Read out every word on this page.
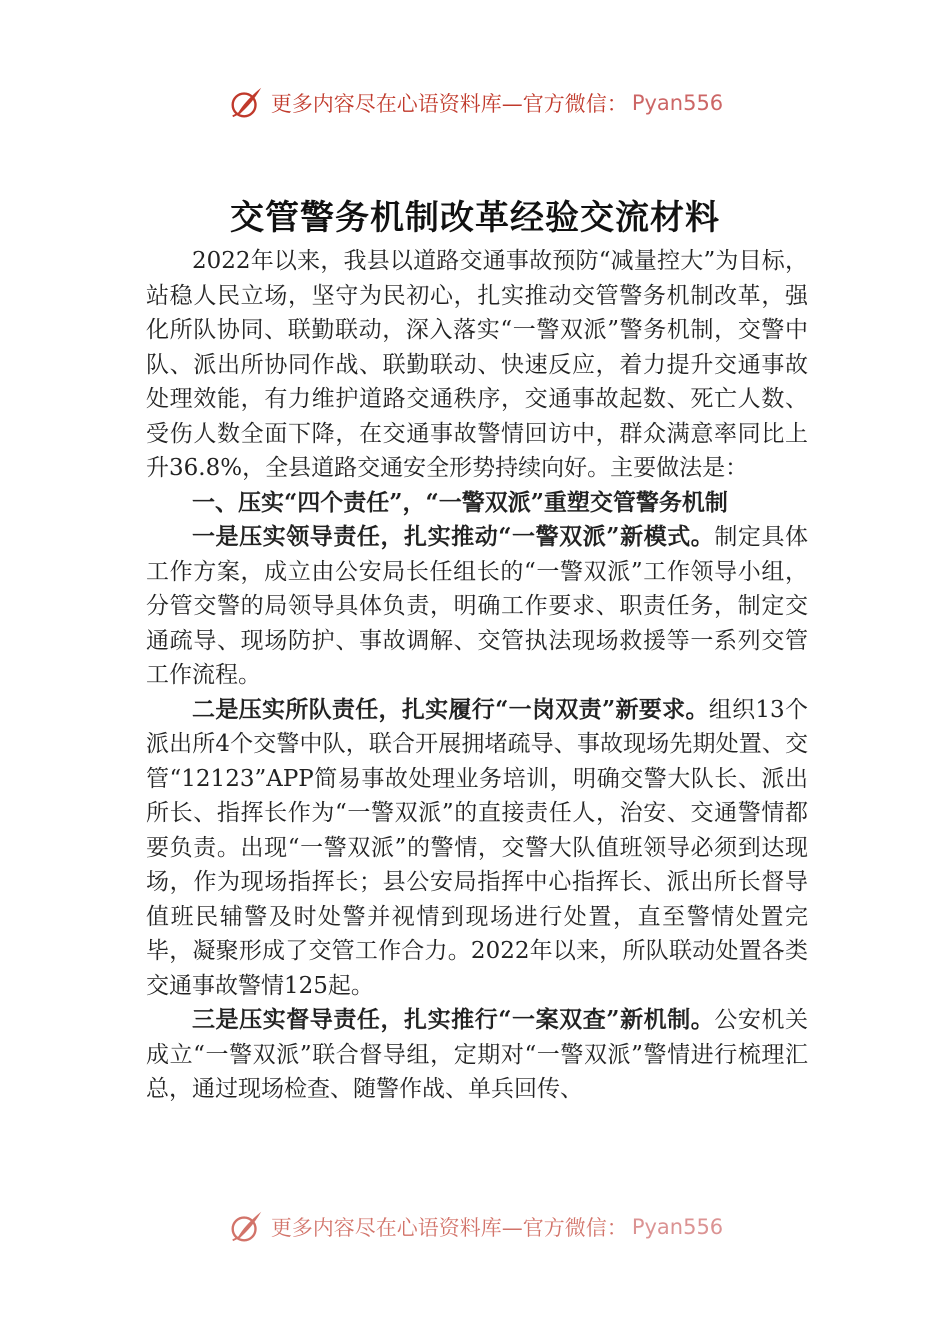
更多内容尽在心语资料库—官方微信： Pyan556
交管警务机制改革经验交流材料

2022年以来，我县以道路交通事故预防“减量控大”为目标，站稳人民立场，坚守为民初心，扎实推动交管警务机制改革，强化所队协同、联勤联动，深入落实“一警双派”警务机制，交警中队、派出所协同作战、联勤联动、快速反应，着力提升交通事故处理效能，有力维护道路交通秩序，交通事故起数、死亡人数、受伤人数全面下降，在交通事故警情回访中，群众满意率同比上升36.8%，全县道路交通安全形势持续向好。主要做法是：

一、压实“四个责任”，“一警双派”重塑交管警务机制

一是压实领导责任，扎实推动“一警双派”新模式。制定具体工作方案，成立由公安局长任组长的“一警双派”工作领导小组，分管交警的局领导具体负责，明确工作要求、职责任务，制定交通疏导、现场防护、事故调解、交管执法现场救援等一系列交管工作流程。

二是压实所队责任，扎实履行“一岗双责”新要求。组织13个派出所4个交警中队，联合开展拥堵疏导、事故现场先期处置、交管“12123”APP简易事故处理业务培训，明确交警大队长、派出所长、指挥长作为“一警双派”的直接责任人，治安、交通警情都要负责。出现“一警双派”的警情，交警大队值班领导必须到达现场，作为现场指挥长；县公安局指挥中心指挥长、派出所长督导值班民辅警及时处警并视情到现场进行处置，直至警情处置完毕，凝聚形成了交管工作合力。2022年以来，所队联动处置各类交通事故警情125起。

三是压实督导责任，扎实推行“一案双查”新机制。公安机关成立“一警双派”联合督导组，定期对“一警双派”警情进行梳理汇总，通过现场检查、随警作战、单兵回传、

更多内容尽在心语资料库—官方微信： Pyan556
